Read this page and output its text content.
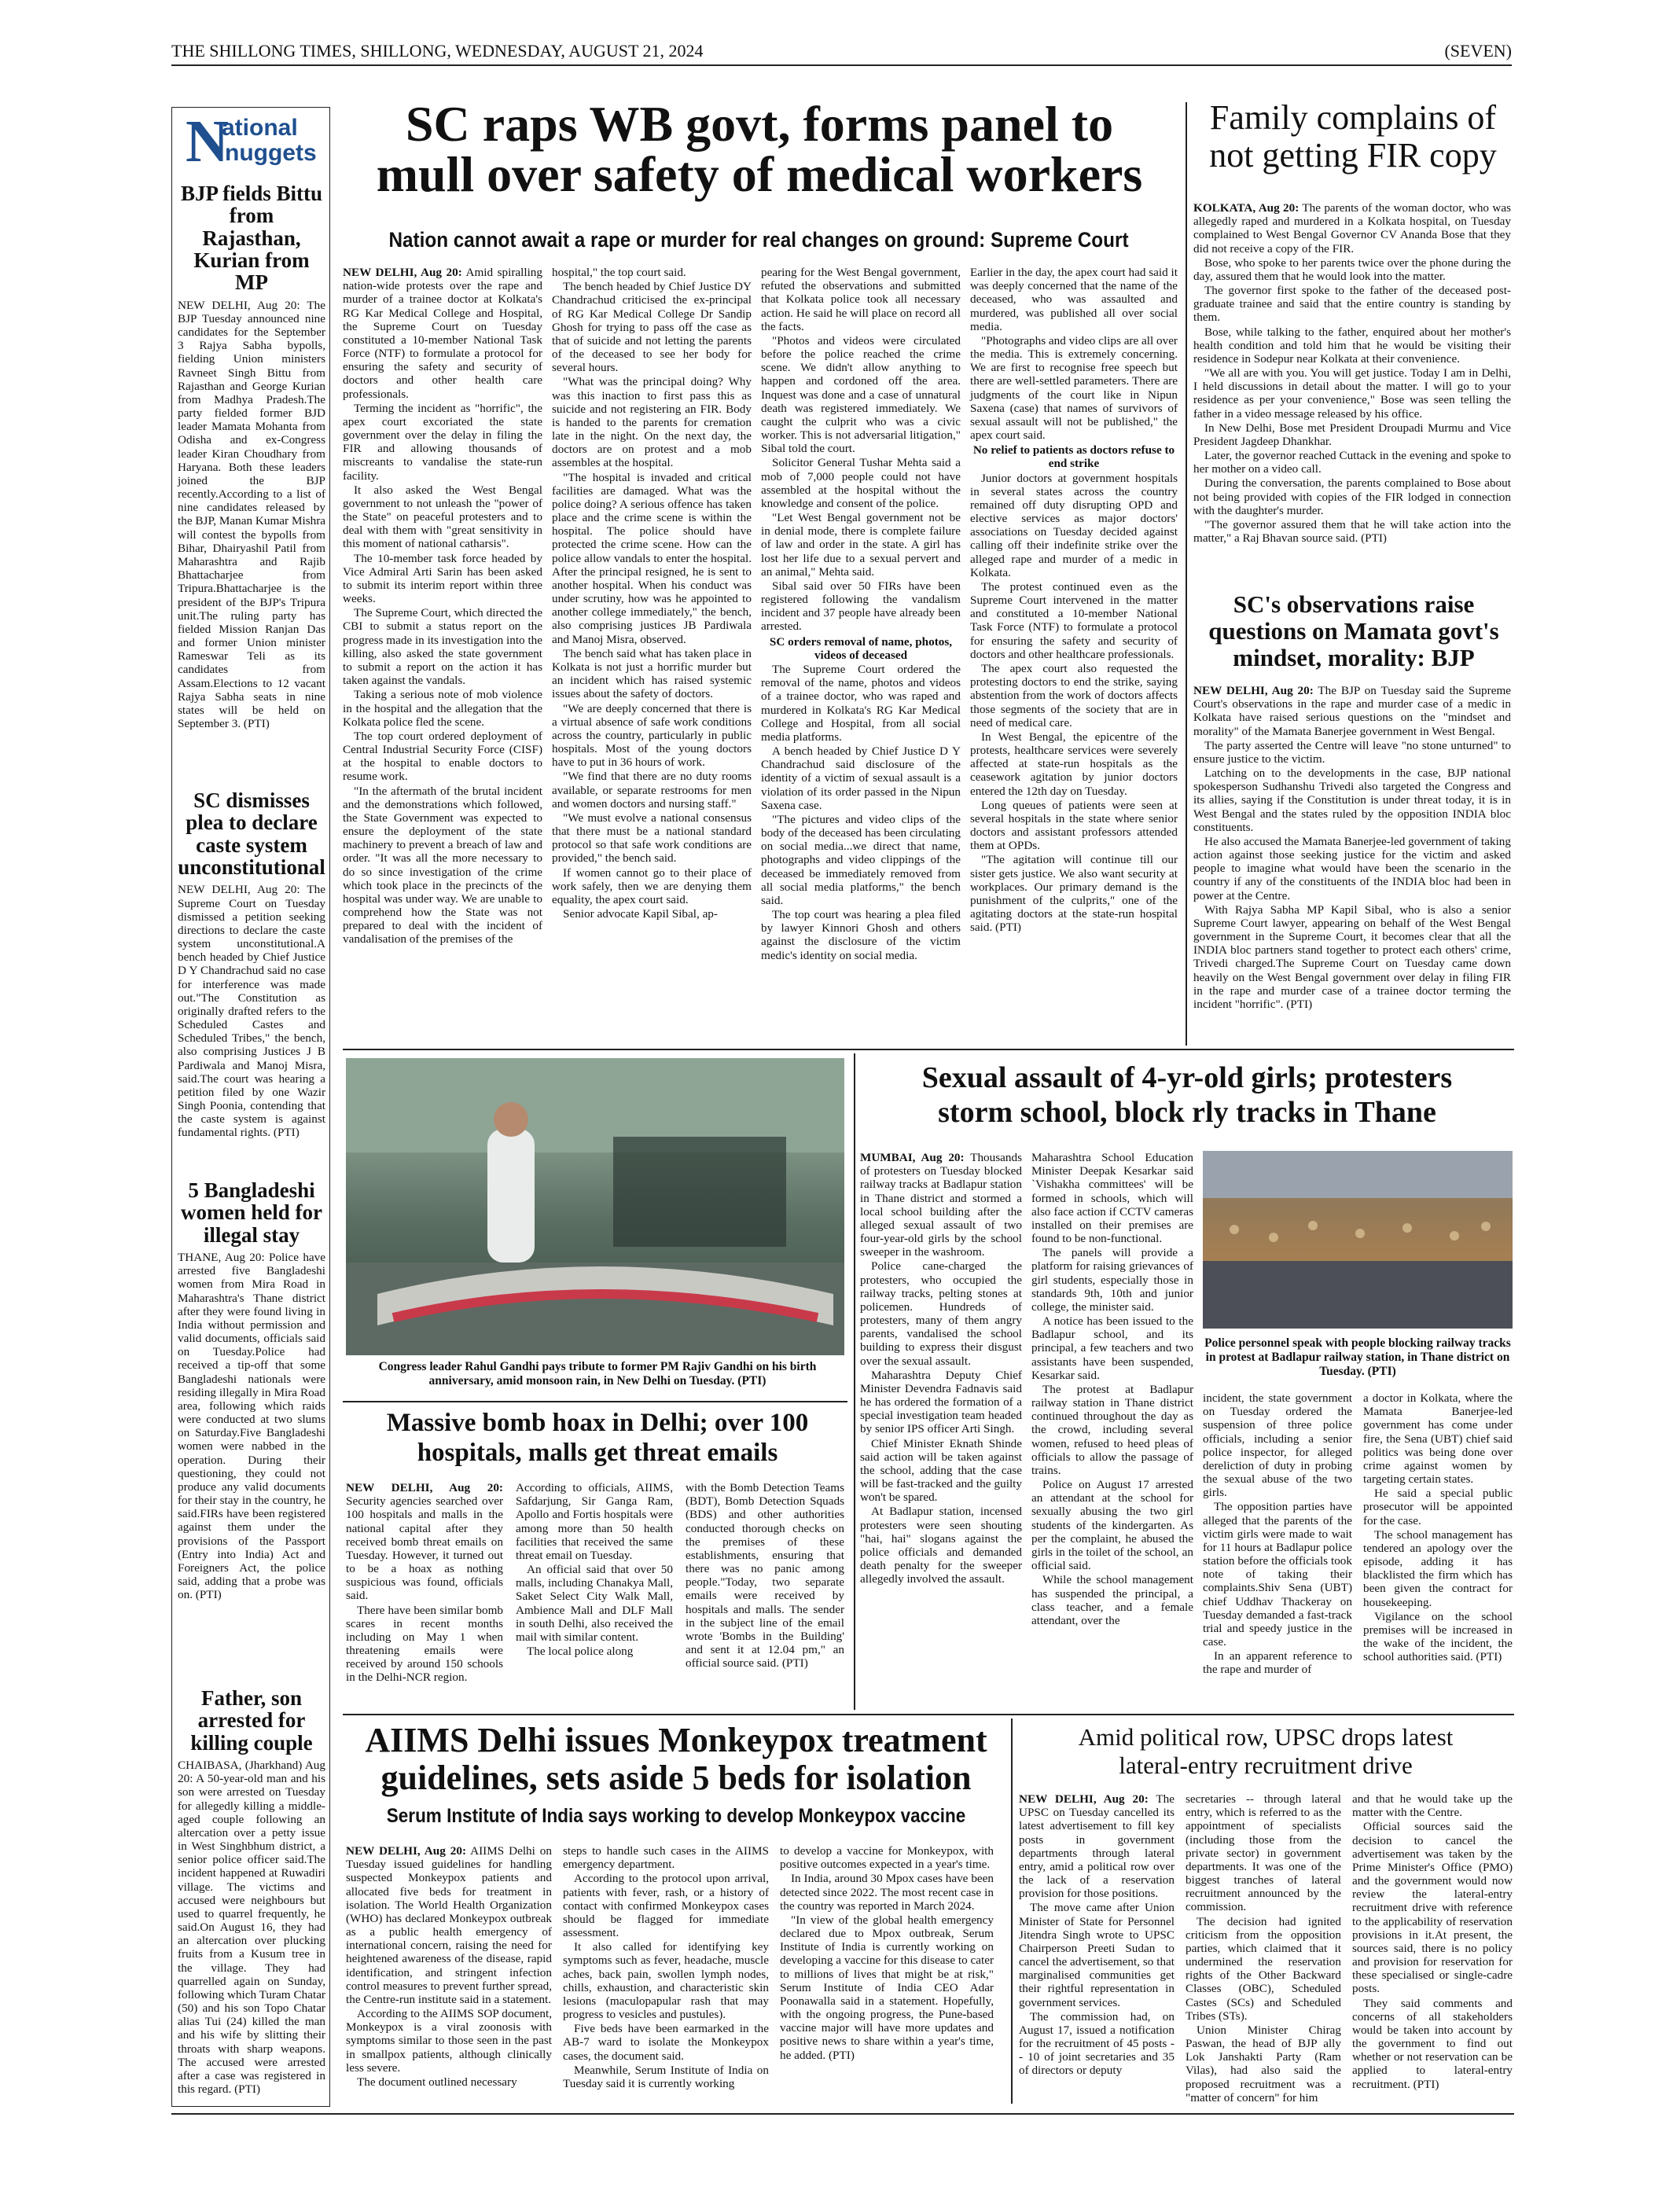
THE SHILLONG TIMES, SHILLONG, WEDNESDAY, AUGUST 21, 2024	(SEVEN)
N
ational
nuggets
BJP fields Bittu from Rajasthan, Kurian from MP
NEW DELHI, Aug 20: The BJP Tuesday announced nine candidates for the September 3 Rajya Sabha bypolls, fielding Union ministers Ravneet Singh Bittu from Rajasthan and George Kurian from Madhya Pradesh.The party fielded former BJD leader Mamata Mohanta from Odisha and ex-Congress leader Kiran Choudhary from Haryana. Both these leaders joined the BJP recently.According to a list of nine candidates released by the BJP, Manan Kumar Mishra will contest the bypolls from Bihar, Dhairyashil Patil from Maharashtra and Rajib Bhattacharjee from Tripura.Bhattacharjee is the president of the BJP's Tripura unit.The ruling party has fielded Mission Ranjan Das and former Union minister Rameswar Teli as its candidates from Assam.Elections to 12 vacant Rajya Sabha seats in nine states will be held on September 3. (PTI)
SC dismisses plea to declare caste system unconstitutional
NEW DELHI, Aug 20: The Supreme Court on Tuesday dismissed a petition seeking directions to declare the caste system unconstitutional.A bench headed by Chief Justice D Y Chandrachud said no case for interference was made out."The Constitution as originally drafted refers to the Scheduled Castes and Scheduled Tribes," the bench, also comprising Justices J B Pardiwala and Manoj Misra, said.The court was hearing a petition filed by one Wazir Singh Poonia, contending that the caste system is against fundamental rights. (PTI)
5 Bangladeshi women held for illegal stay
THANE, Aug 20: Police have arrested five Bangladeshi women from Mira Road in Maharashtra's Thane district after they were found living in India without permission and valid documents, officials said on Tuesday.Police had received a tip-off that some Bangladeshi nationals were residing illegally in Mira Road area, following which raids were conducted at two slums on Saturday.Five Bangladeshi women were nabbed in the operation. During their questioning, they could not produce any valid documents for their stay in the country, he said.FIRs have been registered against them under the provisions of the Passport (Entry into India) Act and Foreigners Act, the police said, adding that a probe was on. (PTI)
Father, son arrested for killing couple
CHAIBASA, (Jharkhand) Aug 20: A 50-year-old man and his son were arrested on Tuesday for allegedly killing a middle-aged couple following an altercation over a petty issue in West Singhbhum district, a senior police officer said.The incident happened at Ruwadiri village. The victims and accused were neighbours but used to quarrel frequently, he said.On August 16, they had an altercation over plucking fruits from a Kusum tree in the village. They had quarrelled again on Sunday, following which Turam Chatar (50) and his son Topo Chatar alias Tui (24) killed the man and his wife by slitting their throats with sharp weapons. The accused were arrested after a case was registered in this regard. (PTI)
SC raps WB govt, forms panel to
mull over safety of medical workers
Nation cannot await a rape or murder for real changes on ground: Supreme Court

NEW DELHI, Aug 20: Amid spiralling nation-wide protests over the rape and murder of a trainee doctor at Kolkata's RG Kar Medical College and Hospital, the Supreme Court on Tuesday constituted a 10-member National Task Force (NTF) to formulate a protocol for ensuring the safety and security of doctors and other health care professionals.

Terming the incident as "horrific", the apex court excoriated the state government over the delay in filing the FIR and allowing thousands of miscreants to vandalise the state-run facility.

It also asked the West Bengal government to not unleash the "power of the State" on peaceful protesters and to deal with them with "great sensitivity in this moment of national catharsis".

The 10-member task force headed by Vice Admiral Arti Sarin has been asked to submit its interim report within three weeks.

The Supreme Court, which directed the CBI to submit a status report on the progress made in its investigation into the killing, also asked the state government to submit a report on the action it has taken against the vandals.

Taking a serious note of mob violence in the hospital and the allegation that the Kolkata police fled the scene.

The top court ordered deployment of Central Industrial Security Force (CISF) at the hospital to enable doctors to resume work.

"In the aftermath of the brutal incident and the demonstrations which followed, the State Government was expected to ensure the deployment of the state machinery to prevent a breach of law and order. "It was all the more necessary to do so since investigation of the crime which took place in the precincts of the hospital was under way. We are unable to comprehend how the State was not prepared to deal with the incident of vandalisation of the premises of the

hospital," the top court said.

The bench headed by Chief Justice DY Chandrachud criticised the ex-principal of RG Kar Medical College Dr Sandip Ghosh for trying to pass off the case as that of suicide and not letting the parents of the deceased to see her body for several hours.

"What was the principal doing? Why was this inaction to first pass this as suicide and not registering an FIR. Body is handed to the parents for cremation late in the night. On the next day, the doctors are on protest and a mob assembles at the hospital.

"The hospital is invaded and critical facilities are damaged. What was the police doing? A serious offence has taken place and the crime scene is within the hospital. The police should have protected the crime scene. How can the police allow vandals to enter the hospital. After the principal resigned, he is sent to another hospital. When his conduct was under scrutiny, how was he appointed to another college immediately," the bench, also comprising justices JB Pardiwala and Manoj Misra, observed.

The bench said what has taken place in Kolkata is not just a horrific murder but an incident which has raised systemic issues about the safety of doctors.

"We are deeply concerned that there is a virtual absence of safe work conditions across the country, particularly in public hospitals. Most of the young doctors have to put in 36 hours of work.

"We find that there are no duty rooms available, or separate restrooms for men and women doctors and nursing staff."

"We must evolve a national consensus that there must be a national standard protocol so that safe work conditions are provided," the bench said.

If women cannot go to their place of work safely, then we are denying them equality, the apex court said.

Senior advocate Kapil Sibal, ap-

pearing for the West Bengal government, refuted the observations and submitted that Kolkata police took all necessary action. He said he will place on record all the facts.

"Photos and videos were circulated before the police reached the crime scene. We didn't allow anything to happen and cordoned off the area. Inquest was done and a case of unnatural death was registered immediately. We caught the culprit who was a civic worker. This is not adversarial litigation," Sibal told the court.

Solicitor General Tushar Mehta said a mob of 7,000 people could not have assembled at the hospital without the knowledge and consent of the police.

"Let West Bengal government not be in denial mode, there is complete failure of law and order in the state. A girl has lost her life due to a sexual pervert and an animal," Mehta said.

Sibal said over 50 FIRs have been registered following the vandalism incident and 37 people have already been arrested.

SC orders removal of name, photos, videos of deceased

The Supreme Court ordered the removal of the name, photos and videos of a trainee doctor, who was raped and murdered in Kolkata's RG Kar Medical College and Hospital, from all social media platforms.

A bench headed by Chief Justice D Y Chandrachud said disclosure of the identity of a victim of sexual assault is a violation of its order passed in the Nipun Saxena case.

"The pictures and video clips of the body of the deceased has been circulating on social media...we direct that name, photographs and video clippings of the deceased be immediately removed from all social media platforms," the bench said.

The top court was hearing a plea filed by lawyer Kinnori Ghosh and others against the disclosure of the victim medic's identity on social media.

Earlier in the day, the apex court had said it was deeply concerned that the name of the deceased, who was assaulted and murdered, was published all over social media.

"Photographs and video clips are all over the media. This is extremely concerning. We are first to recognise free speech but there are well-settled parameters. There are judgments of the court like in Nipun Saxena (case) that names of survivors of sexual assault will not be published," the apex court said.

No relief to patients as doctors refuse to end strike

Junior doctors at government hospitals in several states across the country remained off duty disrupting OPD and elective services as major doctors' associations on Tuesday decided against calling off their indefinite strike over the alleged rape and murder of a medic in Kolkata.

The protest continued even as the Supreme Court intervened in the matter and constituted a 10-member National Task Force (NTF) to formulate a protocol for ensuring the safety and security of doctors and other healthcare professionals.

The apex court also requested the protesting doctors to end the strike, saying abstention from the work of doctors affects those segments of the society that are in need of medical care.

In West Bengal, the epicentre of the protests, healthcare services were severely affected at state-run hospitals as the ceasework agitation by junior doctors entered the 12th day on Tuesday.

Long queues of patients were seen at several hospitals in the state where senior doctors and assistant professors attended them at OPDs.

"The agitation will continue till our sister gets justice. We also want security at workplaces. Our primary demand is the punishment of the culprits," one of the agitating doctors at the state-run hospital said. (PTI)

Family complains of not getting FIR copy

KOLKATA, Aug 20: The parents of the woman doctor, who was allegedly raped and murdered in a Kolkata hospital, on Tuesday complained to West Bengal Governor CV Ananda Bose that they did not receive a copy of the FIR.

Bose, who spoke to her parents twice over the phone during the day, assured them that he would look into the matter.

The governor first spoke to the father of the deceased post-graduate trainee and said that the entire country is standing by them.

Bose, while talking to the father, enquired about her mother's health condition and told him that he would be visiting their residence in Sodepur near Kolkata at their convenience.

"We all are with you. You will get justice. Today I am in Delhi, I held discussions in detail about the matter. I will go to your residence as per your convenience," Bose was seen telling the father in a video message released by his office.

In New Delhi, Bose met President Droupadi Murmu and Vice President Jagdeep Dhankhar.

Later, the governor reached Cuttack in the evening and spoke to her mother on a video call.

During the conversation, the parents complained to Bose about not being provided with copies of the FIR lodged in connection with the daughter's murder.

"The governor assured them that he will take action into the matter," a Raj Bhavan source said. (PTI)

SC's observations raise questions on Mamata govt's mindset, morality: BJP

NEW DELHI, Aug 20: The BJP on Tuesday said the Supreme Court's observations in the rape and murder case of a medic in Kolkata have raised serious questions on the "mindset and morality" of the Mamata Banerjee government in West Bengal.

The party asserted the Centre will leave "no stone unturned" to ensure justice to the victim.

Latching on to the developments in the case, BJP national spokesperson Sudhanshu Trivedi also targeted the Congress and its allies, saying if the Constitution is under threat today, it is in West Bengal and the states ruled by the opposition INDIA bloc constituents.

He also accused the Mamata Banerjee-led government of taking action against those seeking justice for the victim and asked people to imagine what would have been the scenario in the country if any of the constituents of the INDIA bloc had been in power at the Centre.

With Rajya Sabha MP Kapil Sibal, who is also a senior Supreme Court lawyer, appearing on behalf of the West Bengal government in the Supreme Court, it becomes clear that all the INDIA bloc partners stand together to protect each others' crime, Trivedi charged.The Supreme Court on Tuesday came down heavily on the West Bengal government over delay in filing FIR in the rape and murder case of a trainee doctor terming the incident "horrific". (PTI)

Congress leader Rahul Gandhi pays tribute to former PM Rajiv Gandhi on his birth anniversary, amid monsoon rain, in New Delhi on Tuesday. (PTI)
Massive bomb hoax in Delhi; over 100
hospitals, malls get threat emails

NEW DELHI, Aug 20: Security agencies searched over 100 hospitals and malls in the national capital after they received bomb threat emails on Tuesday. However, it turned out to be a hoax as nothing suspicious was found, officials said.

There have been similar bomb scares in recent months including on May 1 when threatening emails were received by around 150 schools in the Delhi-NCR region.

According to officials, AIIMS, Safdarjung, Sir Ganga Ram, Apollo and Fortis hospitals were among more than 50 health facilities that received the same threat email on Tuesday.

An official said that over 50 malls, including Chanakya Mall, Saket Select City Walk Mall, Ambience Mall and DLF Mall in south Delhi, also received the mail with similar content.

The local police along

with the Bomb Detection Teams (BDT), Bomb Detection Squads (BDS) and other authorities conducted thorough checks on the premises of these establishments, ensuring that there was no panic among people."Today, two separate emails were received by hospitals and malls. The sender in the subject line of the email wrote 'Bombs in the Building' and sent it at 12.04 pm," an official source said. (PTI)

Sexual assault of 4-yr-old girls; protesters
storm school, block rly tracks in Thane

MUMBAI, Aug 20: Thousands of protesters on Tuesday blocked railway tracks at Badlapur station in Thane district and stormed a local school building after the alleged sexual assault of two four-year-old girls by the school sweeper in the washroom.

Police cane-charged the protesters, who occupied the railway tracks, pelting stones at policemen. Hundreds of protesters, many of them angry parents, vandalised the school building to express their disgust over the sexual assault.

Maharashtra Deputy Chief Minister Devendra Fadnavis said he has ordered the formation of a special investigation team headed by senior IPS officer Arti Singh.

Chief Minister Eknath Shinde said action will be taken against the school, adding that the case will be fast-tracked and the guilty won't be spared.

At Badlapur station, incensed protesters were seen shouting "hai, hai" slogans against the police officials and demanded death penalty for the sweeper allegedly involved the assault.

Maharashtra School Education Minister Deepak Kesarkar said `Vishakha committees' will be formed in schools, which will also face action if CCTV cameras installed on their premises are found to be non-functional.

The panels will provide a platform for raising grievances of girl students, especially those in standards 9th, 10th and junior college, the minister said.

A notice has been issued to the Badlapur school, and its principal, a few teachers and two assistants have been suspended, Kesarkar said.

The protest at Badlapur railway station in Thane district continued throughout the day as the crowd, including several women, refused to heed pleas of officials to allow the passage of trains.

Police on August 17 arrested an attendant at the school for sexually abusing the two girl students of the kindergarten. As per the complaint, he abused the girls in the toilet of the school, an official said.

While the school management has suspended the principal, a class teacher, and a female attendant, over the

Police personnel speak with people blocking railway tracks in protest at Badlapur railway station, in Thane district on Tuesday. (PTI)

incident, the state government on Tuesday ordered the suspension of three police officials, including a senior police inspector, for alleged dereliction of duty in probing the sexual abuse of the two girls.

The opposition parties have alleged that the parents of the victim girls were made to wait for 11 hours at Badlapur police station before the officials took note of taking their complaints.Shiv Sena (UBT) chief Uddhav Thackeray on Tuesday demanded a fast-track trial and speedy justice in the case.

In an apparent reference to the rape and murder of

a doctor in Kolkata, where the Mamata Banerjee-led government has come under fire, the Sena (UBT) chief said politics was being done over crime against women by targeting certain states.

He said a special public prosecutor will be appointed for the case.

The school management has tendered an apology over the episode, adding it has blacklisted the firm which has been given the contract for housekeeping.

Vigilance on the school premises will be increased in the wake of the incident, the school authorities said. (PTI)

AIIMS Delhi issues Monkeypox treatment
guidelines, sets aside 5 beds for isolation
Serum Institute of India says working to develop Monkeypox vaccine

NEW DELHI, Aug 20: AIIMS Delhi on Tuesday issued guidelines for handling suspected Monkeypox patients and allocated five beds for treatment in isolation. The World Health Organization (WHO) has declared Monkeypox outbreak as a public health emergency of international concern, raising the need for heightened awareness of the disease, rapid identification, and stringent infection control measures to prevent further spread, the Centre-run institute said in a statement.

According to the AIIMS SOP document, Monkeypox is a viral zoonosis with symptoms similar to those seen in the past in smallpox patients, although clinically less severe.

The document outlined necessary

steps to handle such cases in the AIIMS emergency department.

According to the protocol upon arrival, patients with fever, rash, or a history of contact with confirmed Monkeypox cases should be flagged for immediate assessment.

It also called for identifying key symptoms such as fever, headache, muscle aches, back pain, swollen lymph nodes, chills, exhaustion, and characteristic skin lesions (maculopapular rash that may progress to vesicles and pustules).

Five beds have been earmarked in the AB-7 ward to isolate the Monkeypox cases, the document said.

Meanwhile, Serum Institute of India on Tuesday said it is currently working

to develop a vaccine for Monkeypox, with positive outcomes expected in a year's time.

In India, around 30 Mpox cases have been detected since 2022. The most recent case in the country was reported in March 2024.

"In view of the global health emergency declared due to Mpox outbreak, Serum Institute of India is currently working on developing a vaccine for this disease to cater to millions of lives that might be at risk," Serum Institute of India CEO Adar Poonawalla said in a statement. Hopefully, with the ongoing progress, the Pune-based vaccine major will have more updates and positive news to share within a year's time, he added. (PTI)

Amid political row, UPSC drops latest
lateral-entry recruitment drive

NEW DELHI, Aug 20: The UPSC on Tuesday cancelled its latest advertisement to fill key posts in government departments through lateral entry, amid a political row over the lack of a reservation provision for those positions.

The move came after Union Minister of State for Personnel Jitendra Singh wrote to UPSC Chairperson Preeti Sudan to cancel the advertisement, so that marginalised communities get their rightful representation in government services.

The commission had, on August 17, issued a notification for the recruitment of 45 posts -- 10 of joint secretaries and 35 of directors or deputy

secretaries -- through lateral entry, which is referred to as the appointment of specialists (including those from the private sector) in government departments. It was one of the biggest tranches of lateral recruitment announced by the commission.

The decision had ignited criticism from the opposition parties, which claimed that it undermined the reservation rights of the Other Backward Classes (OBC), Scheduled Castes (SCs) and Scheduled Tribes (STs).

Union Minister Chirag Paswan, the head of BJP ally Lok Janshakti Party (Ram Vilas), had also said the proposed recruitment was a "matter of concern" for him

and that he would take up the matter with the Centre.

Official sources said the decision to cancel the advertisement was taken by the Prime Minister's Office (PMO) and the government would now review the lateral-entry recruitment drive with reference to the applicability of reservation provisions in it.At present, the sources said, there is no policy and provision for reservation for these specialised or single-cadre posts.

They said comments and concerns of all stakeholders would be taken into account by the government to find out whether or not reservation can be applied to lateral-entry recruitment. (PTI)
